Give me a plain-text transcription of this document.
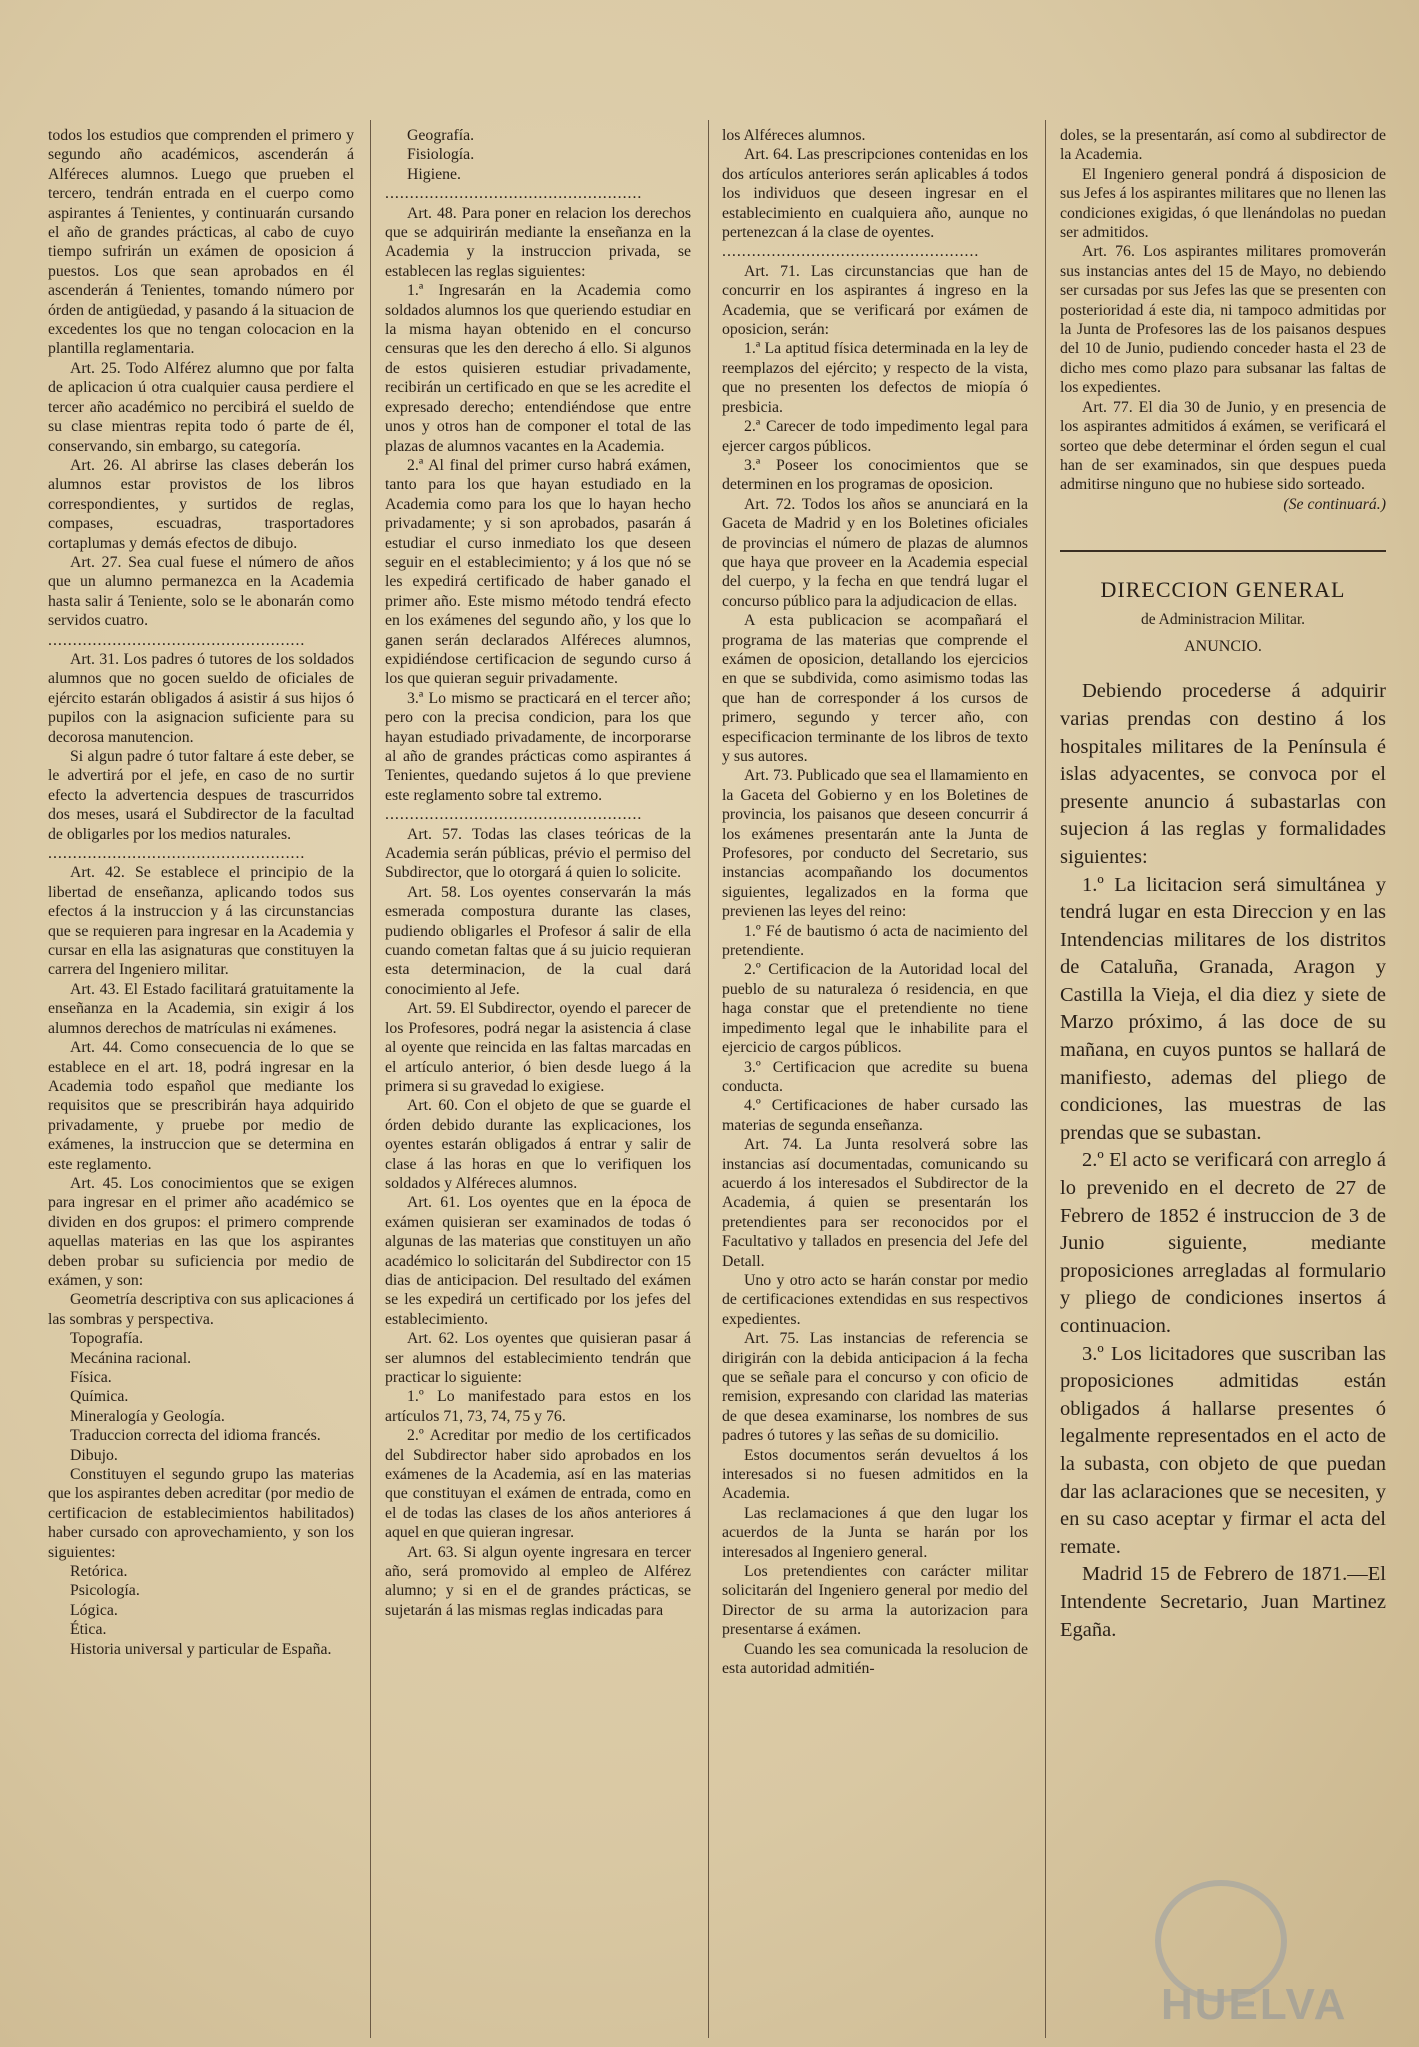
todos los estudios que comprenden el primero y segundo año académicos, ascenderán á Alféreces alumnos. Luego que prueben el tercero, tendrán entrada en el cuerpo como aspirantes á Tenientes, y continuarán cursando el año de grandes prácticas, al cabo de cuyo tiempo sufrirán un exámen de oposicion á puestos. Los que sean aprobados en él ascenderán á Tenientes, tomando número por órden de antigüedad, y pasando á la situacion de excedentes los que no tengan colocacion en la plantilla reglamentaria.

Art. 25. Todo Alférez alumno que por falta de aplicacion ú otra cualquier causa perdiere el tercer año académico no percibirá el sueldo de su clase mientras repita todo ó parte de él, conservando, sin embargo, su categoría.

Art. 26. Al abrirse las clases deberán los alumnos estar provistos de los libros correspondientes, y surtidos de reglas, compases, escuadras, trasportadores cortaplumas y demás efectos de dibujo.

Art. 27. Sea cual fuese el número de años que un alumno permanezca en la Academia hasta salir á Teniente, solo se le abonarán como servidos cuatro.

....................................................

Art. 31. Los padres ó tutores de los soldados alumnos que no gocen sueldo de oficiales de ejército estarán obligados á asistir á sus hijos ó pupilos con la asignacion suficiente para su decorosa manutencion.

Si algun padre ó tutor faltare á este deber, se le advertirá por el jefe, en caso de no surtir efecto la advertencia despues de trascurridos dos meses, usará el Subdirector de la facultad de obligarles por los medios naturales.

....................................................

Art. 42. Se establece el principio de la libertad de enseñanza, aplicando todos sus efectos á la instruccion y á las circunstancias que se requieren para ingresar en la Academia y cursar en ella las asignaturas que constituyen la carrera del Ingeniero militar.

Art. 43. El Estado facilitará gratuitamente la enseñanza en la Academia, sin exigir á los alumnos derechos de matrículas ni exámenes.

Art. 44. Como consecuencia de lo que se establece en el art. 18, podrá ingresar en la Academia todo español que mediante los requisitos que se prescribirán haya adquirido privadamente, y pruebe por medio de exámenes, la instruccion que se determina en este reglamento.

Art. 45. Los conocimientos que se exigen para ingresar en el primer año académico se dividen en dos grupos: el primero comprende aquellas materias en las que los aspirantes deben probar su suficiencia por medio de exámen, y son:

Geometría descriptiva con sus aplicaciones á las sombras y perspectiva.

Topografía.

Mecánina racional.

Física.

Química.

Mineralogía y Geología.

Traduccion correcta del idioma francés.

Dibujo.

Constituyen el segundo grupo las materias que los aspirantes deben acreditar (por medio de certificacion de establecimientos habilitados) haber cursado con aprovechamiento, y son los siguientes:

Retórica.

Psicología.

Lógica.

Ética.

Historia universal y particular de España.

Geografía.

Fisiología.

Higiene.

....................................................

Art. 48. Para poner en relacion los derechos que se adquirirán mediante la enseñanza en la Academia y la instruccion privada, se establecen las reglas siguientes:

1.ª Ingresarán en la Academia como soldados alumnos los que queriendo estudiar en la misma hayan obtenido en el concurso censuras que les den derecho á ello. Si algunos de estos quisieren estudiar privadamente, recibirán un certificado en que se les acredite el expresado derecho; entendiéndose que entre unos y otros han de componer el total de las plazas de alumnos vacantes en la Academia.

2.ª Al final del primer curso habrá exámen, tanto para los que hayan estudiado en la Academia como para los que lo hayan hecho privadamente; y si son aprobados, pasarán á estudiar el curso inmediato los que deseen seguir en el establecimiento; y á los que nó se les expedirá certificado de haber ganado el primer año. Este mismo método tendrá efecto en los exámenes del segundo año, y los que lo ganen serán declarados Alféreces alumnos, expidiéndose certificacion de segundo curso á los que quieran seguir privadamente.

3.ª Lo mismo se practicará en el tercer año; pero con la precisa condicion, para los que hayan estudiado privadamente, de incorporarse al año de grandes prácticas como aspirantes á Tenientes, quedando sujetos á lo que previene este reglamento sobre tal extremo.

....................................................

Art. 57. Todas las clases teóricas de la Academia serán públicas, prévio el permiso del Subdirector, que lo otorgará á quien lo solicite.

Art. 58. Los oyentes conservarán la más esmerada compostura durante las clases, pudiendo obligarles el Profesor á salir de ella cuando cometan faltas que á su juicio requieran esta determinacion, de la cual dará conocimiento al Jefe.

Art. 59. El Subdirector, oyendo el parecer de los Profesores, podrá negar la asistencia á clase al oyente que reincida en las faltas marcadas en el artículo anterior, ó bien desde luego á la primera si su gravedad lo exigiese.

Art. 60. Con el objeto de que se guarde el órden debido durante las explicaciones, los oyentes estarán obligados á entrar y salir de clase á las horas en que lo verifiquen los soldados y Alféreces alumnos.

Art. 61. Los oyentes que en la época de exámen quisieran ser examinados de todas ó algunas de las materias que constituyen un año académico lo solicitarán del Subdirector con 15 dias de anticipacion. Del resultado del exámen se les expedirá un certificado por los jefes del establecimiento.

Art. 62. Los oyentes que quisieran pasar á ser alumnos del establecimiento tendrán que practicar lo siguiente:

1.º Lo manifestado para estos en los artículos 71, 73, 74, 75 y 76.

2.º Acreditar por medio de los certificados del Subdirector haber sido aprobados en los exámenes de la Academia, así en las materias que constituyan el exámen de entrada, como en el de todas las clases de los años anteriores á aquel en que quieran ingresar.

Art. 63. Si algun oyente ingresara en tercer año, será promovido al empleo de Alférez alumno; y si en el de grandes prácticas, se sujetarán á las mismas reglas indicadas para

los Alféreces alumnos.

Art. 64. Las prescripciones contenidas en los dos artículos anteriores serán aplicables á todos los individuos que deseen ingresar en el establecimiento en cualquiera año, aunque no pertenezcan á la clase de oyentes.

....................................................

Art. 71. Las circunstancias que han de concurrir en los aspirantes á ingreso en la Academia, que se verificará por exámen de oposicion, serán:

1.ª La aptitud física determinada en la ley de reemplazos del ejército; y respecto de la vista, que no presenten los defectos de miopía ó presbicia.

2.ª Carecer de todo impedimento legal para ejercer cargos públicos.

3.ª Poseer los conocimientos que se determinen en los programas de oposicion.

Art. 72. Todos los años se anunciará en la Gaceta de Madrid y en los Boletines oficiales de provincias el número de plazas de alumnos que haya que proveer en la Academia especial del cuerpo, y la fecha en que tendrá lugar el concurso público para la adjudicacion de ellas.

A esta publicacion se acompañará el programa de las materias que comprende el exámen de oposicion, detallando los ejercicios en que se subdivida, como asimismo todas las que han de corresponder á los cursos de primero, segundo y tercer año, con especificacion terminante de los libros de texto y sus autores.

Art. 73. Publicado que sea el llamamiento en la Gaceta del Gobierno y en los Boletines de provincia, los paisanos que deseen concurrir á los exámenes presentarán ante la Junta de Profesores, por conducto del Secretario, sus instancias acompañando los documentos siguientes, legalizados en la forma que previenen las leyes del reino:

1.º Fé de bautismo ó acta de nacimiento del pretendiente.

2.º Certificacion de la Autoridad local del pueblo de su naturaleza ó residencia, en que haga constar que el pretendiente no tiene impedimento legal que le inhabilite para el ejercicio de cargos públicos.

3.º Certificacion que acredite su buena conducta.

4.º Certificaciones de haber cursado las materias de segunda enseñanza.

Art. 74. La Junta resolverá sobre las instancias así documentadas, comunicando su acuerdo á los interesados el Subdirector de la Academia, á quien se presentarán los pretendientes para ser reconocidos por el Facultativo y tallados en presencia del Jefe del Detall.

Uno y otro acto se harán constar por medio de certificaciones extendidas en sus respectivos expedientes.

Art. 75. Las instancias de referencia se dirigirán con la debida anticipacion á la fecha que se señale para el concurso y con oficio de remision, expresando con claridad las materias de que desea examinarse, los nombres de sus padres ó tutores y las señas de su domicilio.

Estos documentos serán devueltos á los interesados si no fuesen admitidos en la Academia.

Las reclamaciones á que den lugar los acuerdos de la Junta se harán por los interesados al Ingeniero general.

Los pretendientes con carácter militar solicitarán del Ingeniero general por medio del Director de su arma la autorizacion para presentarse á exámen.

Cuando les sea comunicada la resolucion de esta autoridad admitién-

doles, se la presentarán, así como al subdirector de la Academia.

El Ingeniero general pondrá á disposicion de sus Jefes á los aspirantes militares que no llenen las condiciones exigidas, ó que llenándolas no puedan ser admitidos.

Art. 76. Los aspirantes militares promoverán sus instancias antes del 15 de Mayo, no debiendo ser cursadas por sus Jefes las que se presenten con posterioridad á este dia, ni tampoco admitidas por la Junta de Profesores las de los paisanos despues del 10 de Junio, pudiendo conceder hasta el 23 de dicho mes como plazo para subsanar las faltas de los expedientes.

Art. 77. El dia 30 de Junio, y en presencia de los aspirantes admitidos á exámen, se verificará el sorteo que debe determinar el órden segun el cual han de ser examinados, sin que despues pueda admitirse ninguno que no hubiese sido sorteado.

(Se continuará.)

DIRECCION GENERAL
de Administracion Militar.
ANUNCIO.

Debiendo procederse á adquirir varias prendas con destino á los hospitales militares de la Península é islas adyacentes, se convoca por el presente anuncio á subastarlas con sujecion á las reglas y formalidades siguientes:

1.º La licitacion será simultánea y tendrá lugar en esta Direccion y en las Intendencias militares de los distritos de Cataluña, Granada, Aragon y Castilla la Vieja, el dia diez y siete de Marzo próximo, á las doce de su mañana, en cuyos puntos se hallará de manifiesto, ademas del pliego de condiciones, las muestras de las prendas que se subastan.

2.º El acto se verificará con arreglo á lo prevenido en el decreto de 27 de Febrero de 1852 é instruccion de 3 de Junio siguiente, mediante proposiciones arregladas al formulario y pliego de condiciones insertos á continuacion.

3.º Los licitadores que suscriban las proposiciones admitidas están obligados á hallarse presentes ó legalmente representados en el acto de la subasta, con objeto de que puedan dar las aclaraciones que se necesiten, y en su caso aceptar y firmar el acta del remate.

Madrid 15 de Febrero de 1871.—El Intendente Secretario, Juan Martinez Egaña.

HUELVA
